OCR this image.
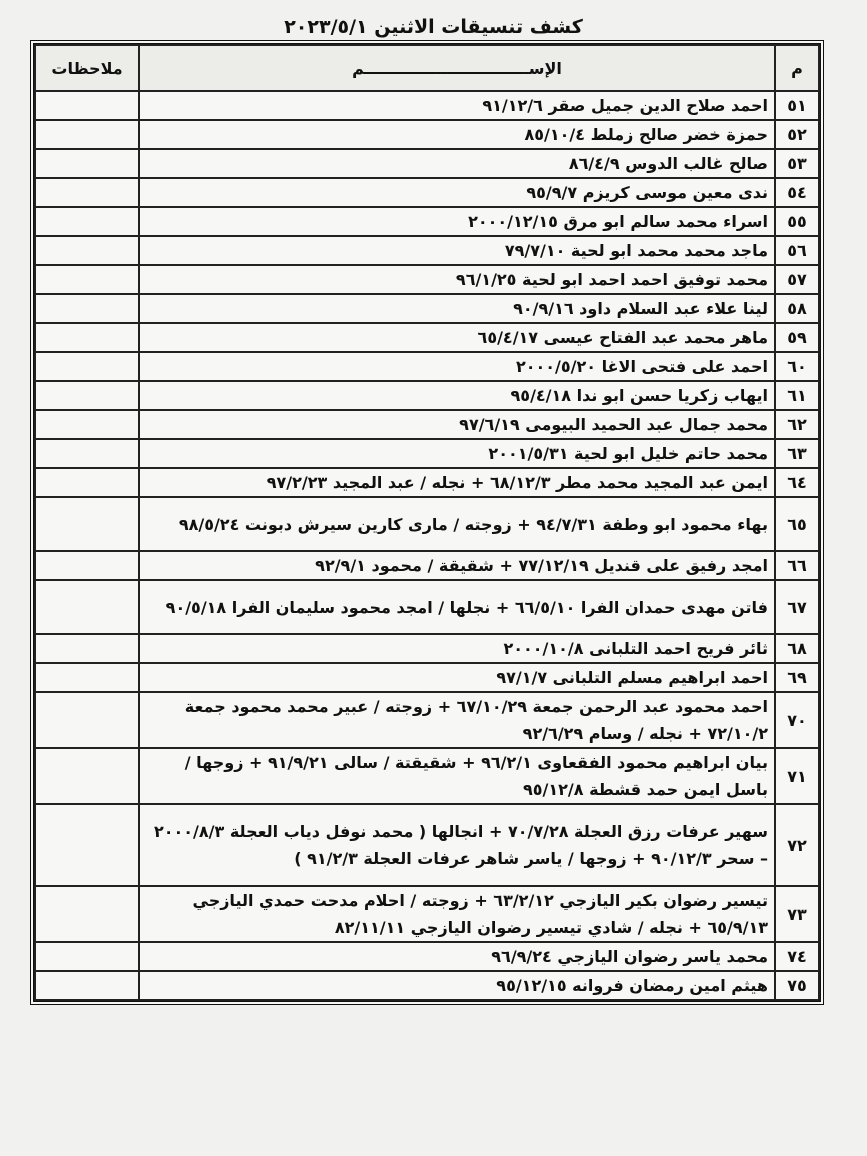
كشف تنسيقات الاثنين ٢٠٢٣/٥/١
م	الإســــــــــــــــــــــــــــــم	ملاحظات
٥١	احمد صلاح الدين جميل صقر ٩١/١٢/٦	
٥٢	حمزة خضر صالح زملط ٨٥/١٠/٤	
٥٣	صالح غالب الدوس ٨٦/٤/٩	
٥٤	ندى معين موسى كريزم ٩٥/٩/٧	
٥٥	اسراء محمد سالم ابو مرق ٢٠٠٠/١٢/١٥	
٥٦	ماجد محمد محمد ابو لحية ٧٩/٧/١٠	
٥٧	محمد توفيق احمد احمد ابو لحية ٩٦/١/٢٥	
٥٨	لينا علاء عبد السلام داود ٩٠/٩/١٦	
٥٩	ماهر محمد عبد الفتاح عيسى ٦٥/٤/١٧	
٦٠	احمد على فتحى الاغا ٢٠٠٠/٥/٢٠	
٦١	ايهاب زكريا حسن ابو ندا ٩٥/٤/١٨	
٦٢	محمد جمال عبد الحميد البيومى ٩٧/٦/١٩	
٦٣	محمد حاتم خليل ابو لحية ٢٠٠١/٥/٣١	
٦٤	ايمن عبد المجيد محمد مطر ٦٨/١٢/٣ + نجله / عبد المجيد ٩٧/٢/٢٣	
٦٥	بهاء محمود ابو وطفة ٩٤/٧/٣١ + زوجته / مارى كارين سيرش دبونت ٩٨/٥/٢٤	
٦٦	امجد رفيق على قنديل ٧٧/١٢/١٩ + شقيقة / محمود ٩٢/٩/١	
٦٧	فاتن مهدى حمدان الفرا ٦٦/٥/١٠ + نجلها / امجد محمود سليمان الفرا ٩٠/٥/١٨	
٦٨	ثائر فريح احمد التلبانى ٢٠٠٠/١٠/٨	
٦٩	احمد ابراهيم مسلم التلبانى ٩٧/١/٧	
٧٠	احمد محمود عبد الرحمن جمعة ٦٧/١٠/٢٩ + زوجته / عبير محمد محمود جمعة ٧٢/١٠/٢ + نجله / وسام ٩٢/٦/٢٩	
٧١	بيان ابراهيم محمود الفقعاوى ٩٦/٢/١ + شقيقتة / سالى ٩١/٩/٢١ + زوجها / باسل ايمن حمد قشطة ٩٥/١٢/٨	
٧٢	سهير عرفات رزق العجلة ٧٠/٧/٢٨ + انجالها ( محمد نوفل دياب العجلة ٢٠٠٠/٨/٣ – سحر ٩٠/١٢/٣ + زوجها / ياسر شاهر عرفات العجلة ٩١/٢/٣ )	
٧٣	تيسير رضوان بكير اليازجي ٦٣/٢/١٢ + زوجته / احلام مدحت حمدي اليازجي ٦٥/٩/١٣ + نجله / شادي تيسير رضوان اليازجي ٨٢/١١/١١	
٧٤	محمد ياسر رضوان اليازجي ٩٦/٩/٢٤	
٧٥	هيثم امين رمضان فروانه ٩٥/١٢/١٥	
